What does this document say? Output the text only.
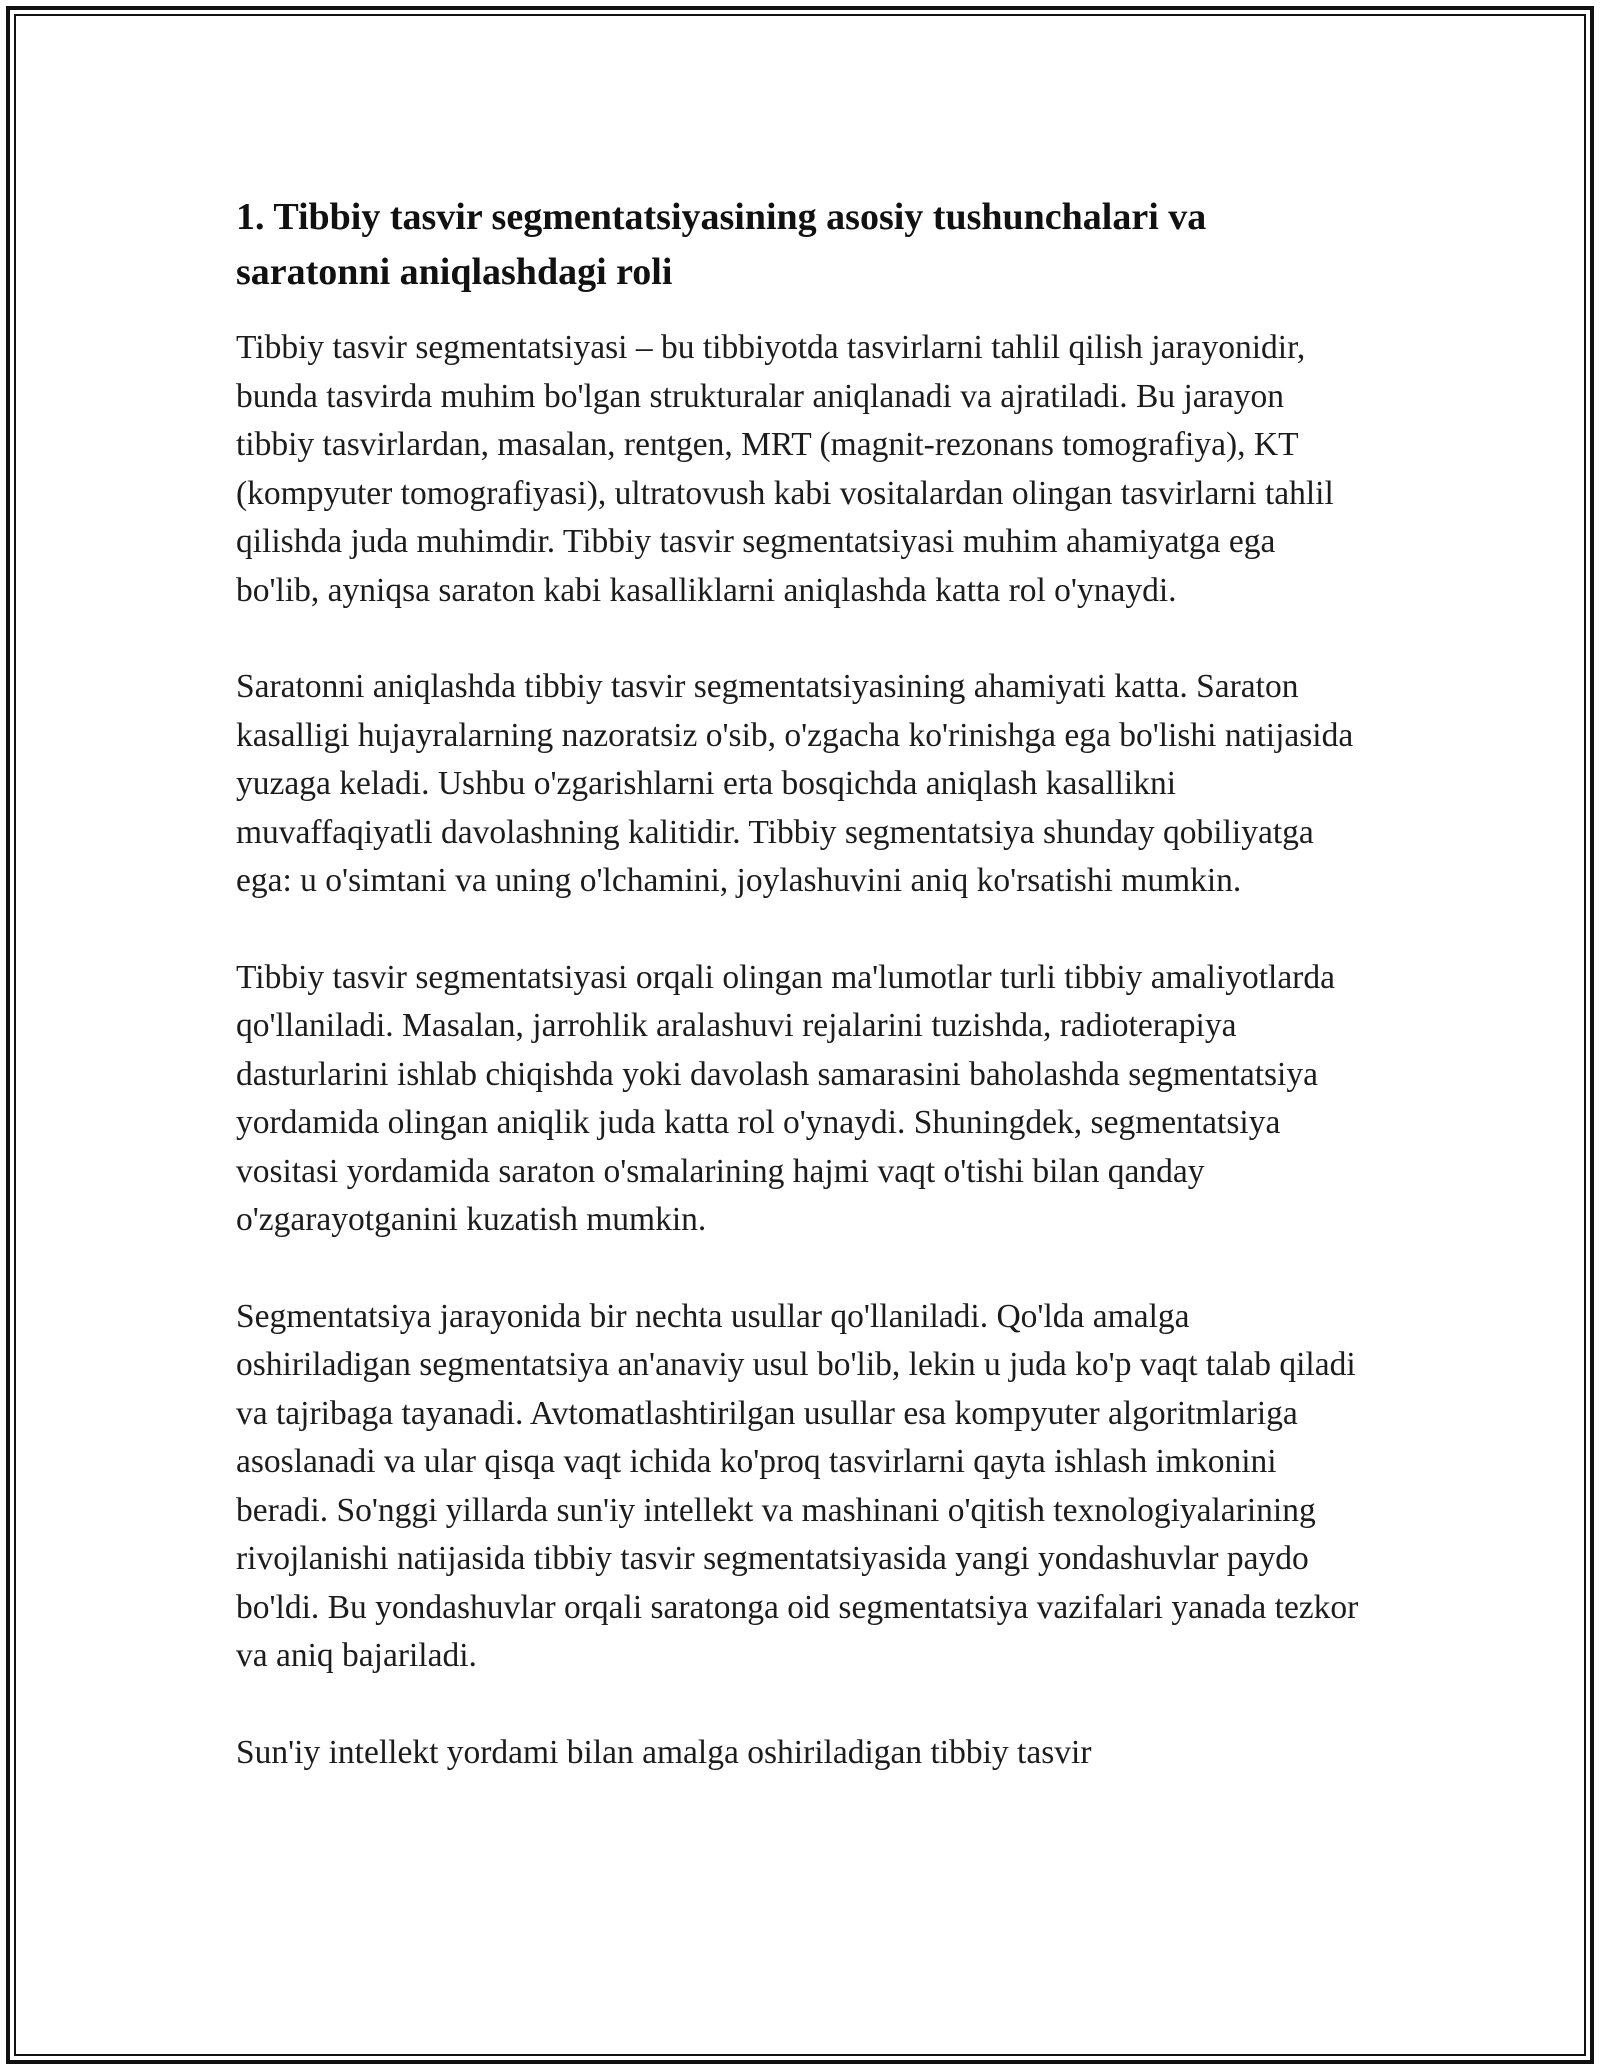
1. Tibbiy tasvir segmentatsiyasining asosiy tushunchalari va saratonni aniqlashdagi roli

Tibbiy tasvir segmentatsiyasi – bu tibbiyotda tasvirlarni tahlil qilish jarayonidir, bunda tasvirda muhim bo'lgan strukturalar aniqlanadi va ajratiladi. Bu jarayon tibbiy tasvirlardan, masalan, rentgen, MRT (magnit-rezonans tomografiya), KT (kompyuter tomografiyasi), ultratovush kabi vositalardan olingan tasvirlarni tahlil qilishda juda muhimdir. Tibbiy tasvir segmentatsiyasi muhim ahamiyatga ega bo'lib, ayniqsa saraton kabi kasalliklarni aniqlashda katta rol o'ynaydi.

Saratonni aniqlashda tibbiy tasvir segmentatsiyasining ahamiyati katta. Saraton kasalligi hujayralarning nazoratsiz o'sib, o'zgacha ko'rinishga ega bo'lishi natijasida yuzaga keladi. Ushbu o'zgarishlarni erta bosqichda aniqlash kasallikni muvaffaqiyatli davolashning kalitidir. Tibbiy segmentatsiya shunday qobiliyatga ega: u o'simtani va uning o'lchamini, joylashuvini aniq ko'rsatishi mumkin.

Tibbiy tasvir segmentatsiyasi orqali olingan ma'lumotlar turli tibbiy amaliyotlarda qo'llaniladi. Masalan, jarrohlik aralashuvi rejalarini tuzishda, radioterapiya dasturlarini ishlab chiqishda yoki davolash samarasini baholashda segmentatsiya yordamida olingan aniqlik juda katta rol o'ynaydi. Shuningdek, segmentatsiya vositasi yordamida saraton o'smalarining hajmi vaqt o'tishi bilan qanday o'zgarayotganini kuzatish mumkin.

Segmentatsiya jarayonida bir nechta usullar qo'llaniladi. Qo'lda amalga oshiriladigan segmentatsiya an'anaviy usul bo'lib, lekin u juda ko'p vaqt talab qiladi va tajribaga tayanadi. Avtomatlashtirilgan usullar esa kompyuter algoritmlariga asoslanadi va ular qisqa vaqt ichida ko'proq tasvirlarni qayta ishlash imkonini beradi. So'nggi yillarda sun'iy intellekt va mashinani o'qitish texnologiyalarining rivojlanishi natijasida tibbiy tasvir segmentatsiyasida yangi yondashuvlar paydo bo'ldi. Bu yondashuvlar orqali saratonga oid segmentatsiya vazifalari yanada tezkor va aniq bajariladi.

Sun'iy intellekt yordami bilan amalga oshiriladigan tibbiy tasvir
